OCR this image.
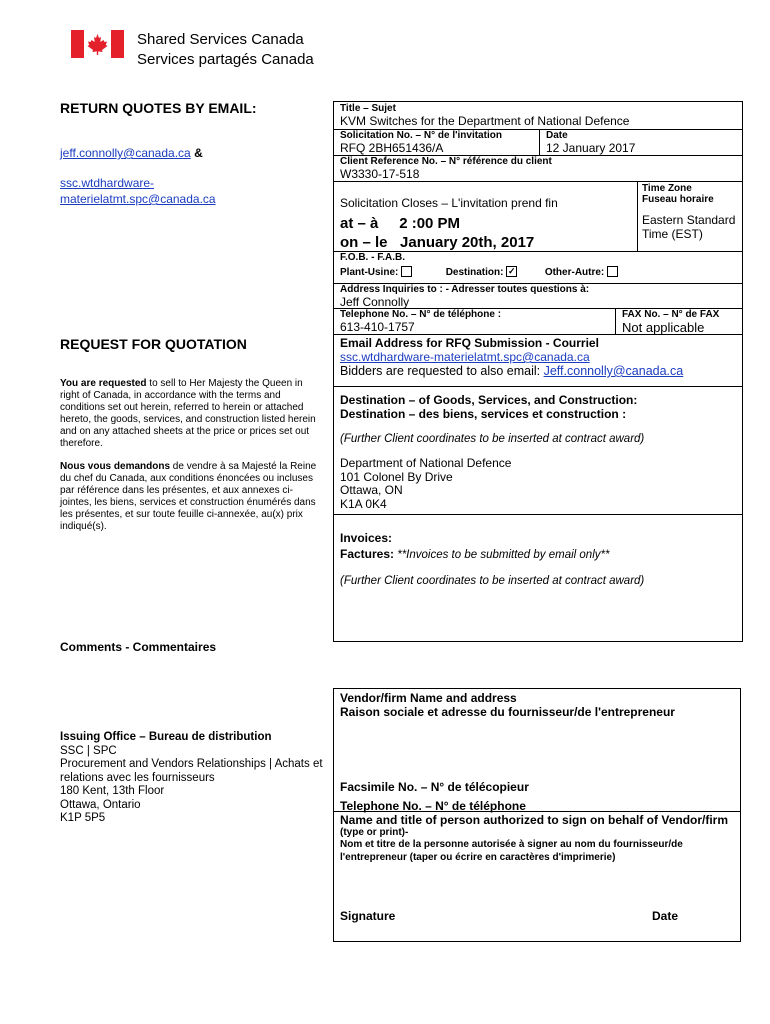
Shared Services Canada
Services partagés Canada
RETURN QUOTES BY EMAIL:
jeff.connolly@canada.ca &
ssc.wtdhardware-
materielatmt.spc@canada.ca
REQUEST FOR QUOTATION
You are requested to sell to Her Majesty the Queen in right of Canada, in accordance with the terms and conditions set out herein, referred to herein or attached hereto, the goods, services, and construction listed herein and on any attached sheets at the price or prices set out therefore.
Nous vous demandons de vendre à sa Majesté la Reine du chef du Canada, aux conditions énoncées ou incluses par référence dans les présentes, et aux annexes ci-jointes, les biens, services et construction énumérés dans les présentes, et sur toute feuille ci-annexée, au(x) prix indiqué(s).
Comments - Commentaires
Issuing Office – Bureau de distribution
SSC | SPC
Procurement and Vendors Relationships | Achats et relations avec les fournisseurs
180 Kent, 13th Floor
Ottawa, Ontario
K1P 5P5
Title – Sujet
KVM Switches for the Department of National Defence
Solicitation No. – N° de l'invitation
RFQ 2BH651436/A
Date
12 January 2017
Client Reference No. – N° référence du client
W3330-17-518
Solicitation Closes – L'invitation prend fin
at – à     2 :00 PM
on – le   January 20th, 2017
Time Zone
Fuseau horaire
Eastern Standard Time (EST)
F.O.B. - F.A.B.
Plant-Usine:	Destination: ✓	Other-Autre:
Address Inquiries to : - Adresser toutes questions à:
Jeff Connolly
Telephone No. – N° de téléphone :
613-410-1757
FAX No. – N° de FAX
Not applicable
Email Address for RFQ Submission - Courriel
ssc.wtdhardware-materielatmt.spc@canada.ca
Bidders are requested to also email: Jeff.connolly@canada.ca
Destination – of Goods, Services, and Construction:
Destination – des biens, services et construction :
(Further Client coordinates to be inserted at contract award)
Department of National Defence
101 Colonel By Drive
Ottawa, ON
K1A 0K4
Invoices:
Factures: **Invoices to be submitted by email only**
(Further Client coordinates to be inserted at contract award)
Vendor/firm Name and address
Raison sociale et adresse du fournisseur/de l'entrepreneur
Facsimile No. – N° de télécopieur
Telephone No. – N° de téléphone
Name and title of person authorized to sign on behalf of Vendor/firm
(type or print)-
Nom et titre de la personne autorisée à signer au nom du fournisseur/de l'entrepreneur (taper ou écrire en caractères d'imprimerie)
Signature	Date
